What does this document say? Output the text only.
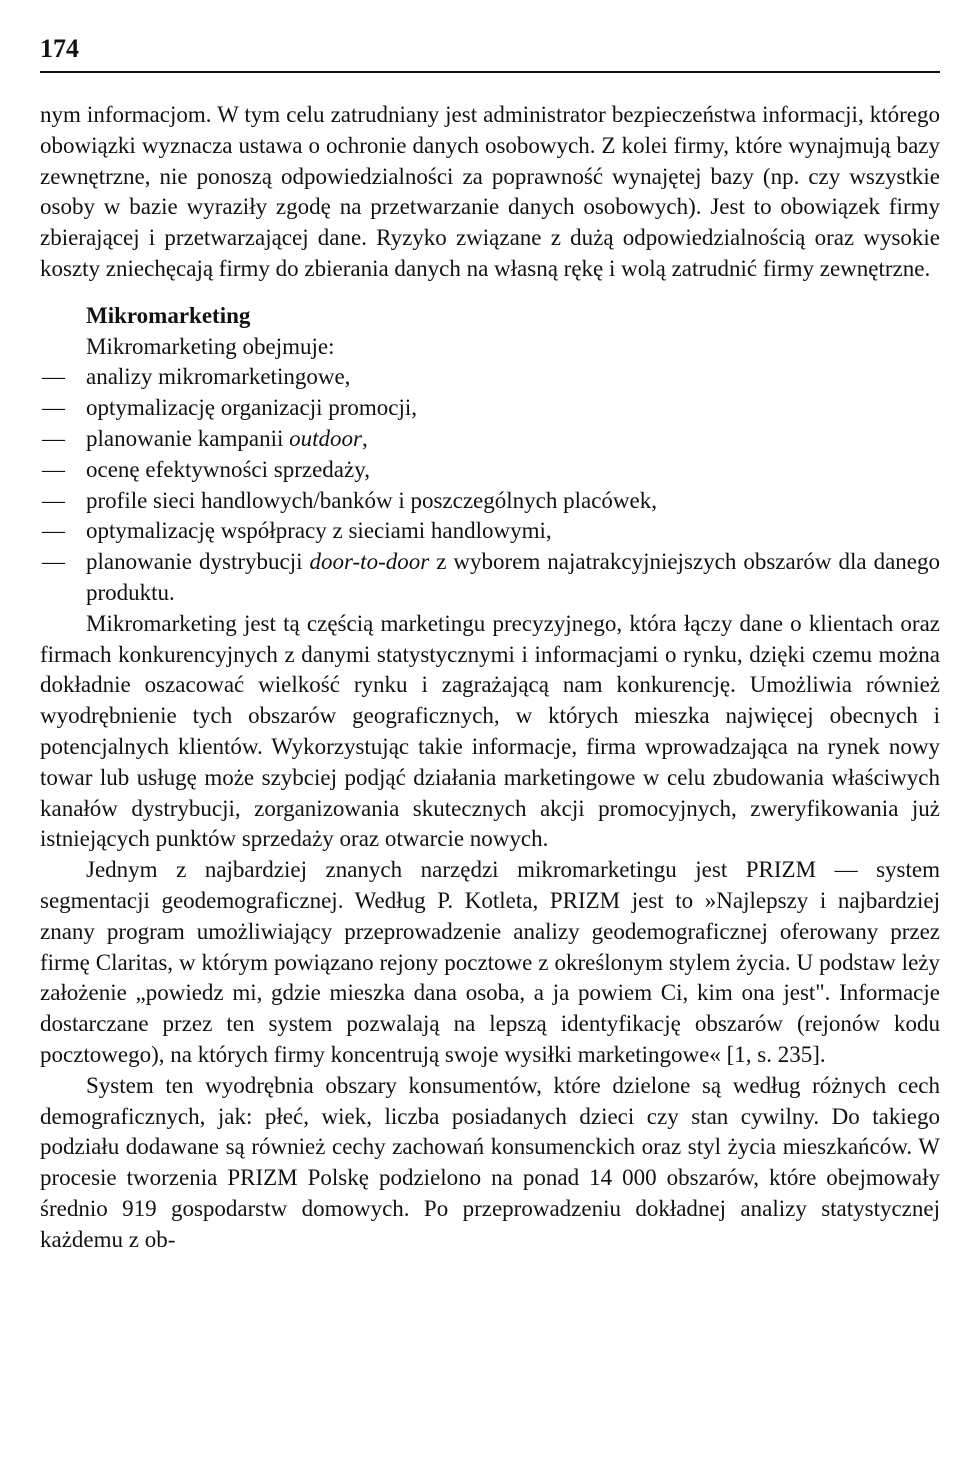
174

nym informacjom. W tym celu zatrudniany jest administrator bezpieczeństwa informacji, którego obowiązki wyznacza ustawa o ochronie danych osobowych. Z kolei firmy, które wynajmują bazy zewnętrzne, nie ponoszą odpowiedzialności za poprawność wynajętej bazy (np. czy wszystkie osoby w bazie wyraziły zgodę na przetwarzanie danych osobowych). Jest to obowiązek firmy zbierającej i przetwarzającej dane. Ryzyko związane z dużą odpowiedzialnością oraz wysokie koszty zniechęcają firmy do zbierania danych na własną rękę i wolą zatrudnić firmy zewnętrzne.

Mikromarketing
Mikromarketing obejmuje:
— analizy mikromarketingowe,
— optymalizację organizacji promocji,
— planowanie kampanii outdoor,
— ocenę efektywności sprzedaży,
— profile sieci handlowych/banków i poszczególnych placówek,
— optymalizację współpracy z sieciami handlowymi,
— planowanie dystrybucji door-to-door z wyborem najatrakcyjniejszych obszarów dla danego produktu.

Mikromarketing jest tą częścią marketingu precyzyjnego, która łączy dane o klientach oraz firmach konkurencyjnych z danymi statystycznymi i informacjami o rynku, dzięki czemu można dokładnie oszacować wielkość rynku i zagrażającą nam konkurencję. Umożliwia również wyodrębnienie tych obszarów geograficznych, w których mieszka najwięcej obecnych i potencjalnych klientów. Wykorzystując takie informacje, firma wprowadzająca na rynek nowy towar lub usługę może szybciej podjąć działania marketingowe w celu zbudowania właściwych kanałów dystrybucji, zorganizowania skutecznych akcji promocyjnych, zweryfikowania już istniejących punktów sprzedaży oraz otwarcie nowych.

Jednym z najbardziej znanych narzędzi mikromarketingu jest PRIZM — system segmentacji geodemograficznej. Według P. Kotleta, PRIZM jest to »Najlepszy i najbardziej znany program umożliwiający przeprowadzenie analizy geodemograficznej oferowany przez firmę Claritas, w którym powiązano rejony pocztowe z określonym stylem życia. U podstaw leży założenie „powiedz mi, gdzie mieszka dana osoba, a ja powiem Ci, kim ona jest". Informacje dostarczane przez ten system pozwalają na lepszą identyfikację obszarów (rejonów kodu pocztowego), na których firmy koncentrują swoje wysiłki marketingowe« [1, s. 235].

System ten wyodrębnia obszary konsumentów, które dzielone są według różnych cech demograficznych, jak: płeć, wiek, liczba posiadanych dzieci czy stan cywilny. Do takiego podziału dodawane są również cechy zachowań konsumenckich oraz styl życia mieszkańców. W procesie tworzenia PRIZM Polskę podzielono na ponad 14 000 obszarów, które obejmowały średnio 919 gospodarstw domowych. Po przeprowadzeniu dokładnej analizy statystycznej każdemu z ob-
